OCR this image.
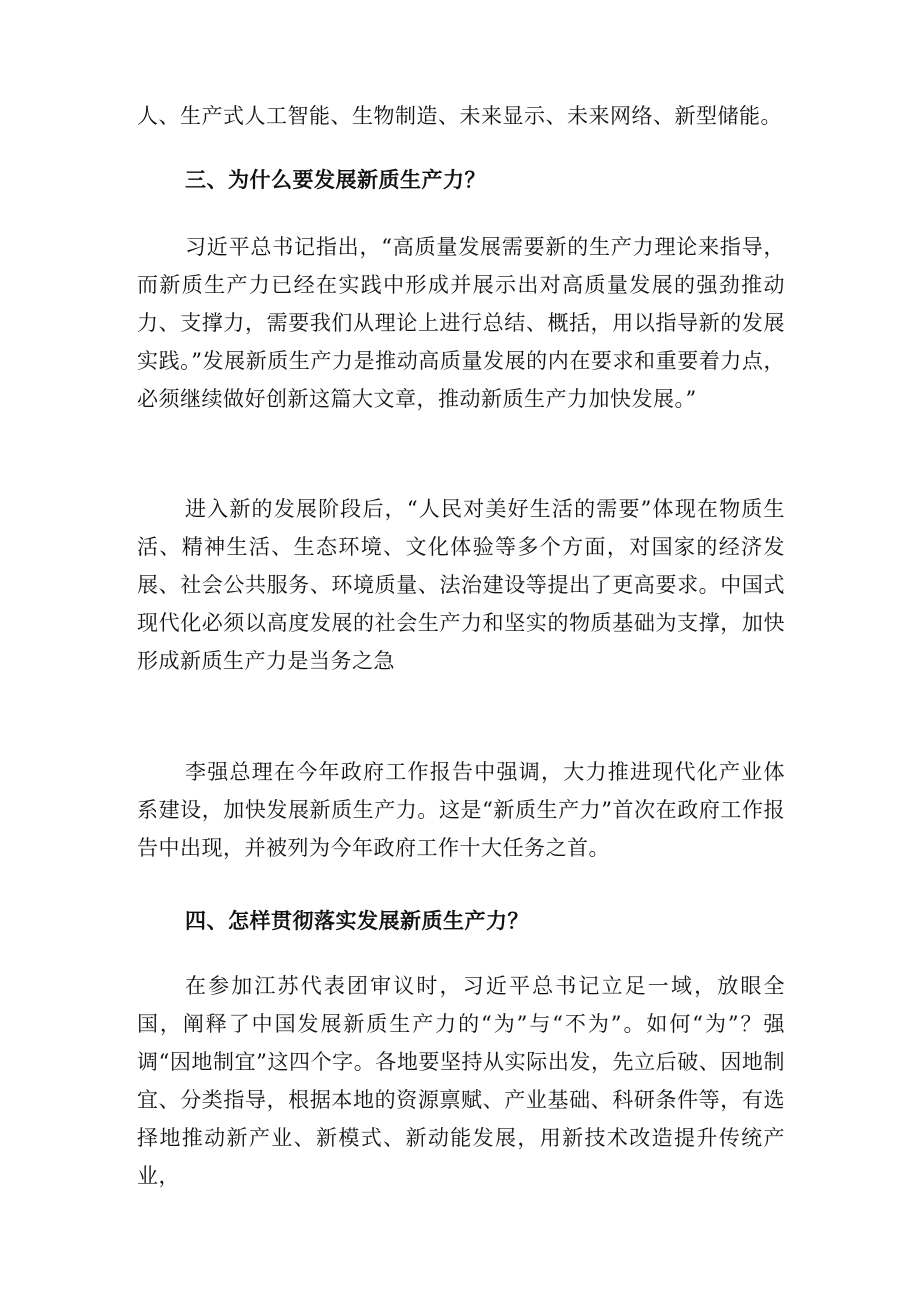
人、生产式人工智能、生物制造、未来显示、未来网络、新型储能。

三、为什么要发展新质生产力？

习近平总书记指出，“高质量发展需要新的生产力理论来指导，而新质生产力已经在实践中形成并展示出对高质量发展的强劲推动力、支撑力，需要我们从理论上进行总结、概括，用以指导新的发展实践。”发展新质生产力是推动高质量发展的内在要求和重要着力点，必须继续做好创新这篇大文章，推动新质生产力加快发展。”

进入新的发展阶段后，“人民对美好生活的需要”体现在物质生活、精神生活、生态环境、文化体验等多个方面，对国家的经济发展、社会公共服务、环境质量、法治建设等提出了更高要求。中国式现代化必须以高度发展的社会生产力和坚实的物质基础为支撑，加快形成新质生产力是当务之急

李强总理在今年政府工作报告中强调，大力推进现代化产业体系建设，加快发展新质生产力。这是“新质生产力”首次在政府工作报告中出现，并被列为今年政府工作十大任务之首。

四、怎样贯彻落实发展新质生产力？

在参加江苏代表团审议时，习近平总书记立足一域，放眼全国，阐释了中国发展新质生产力的“为”与“不为”。如何“为”？强调“因地制宜”这四个字。各地要坚持从实际出发，先立后破、因地制宜、分类指导，根据本地的资源禀赋、产业基础、科研条件等，有选择地推动新产业、新模式、新动能发展，用新技术改造提升传统产业，
